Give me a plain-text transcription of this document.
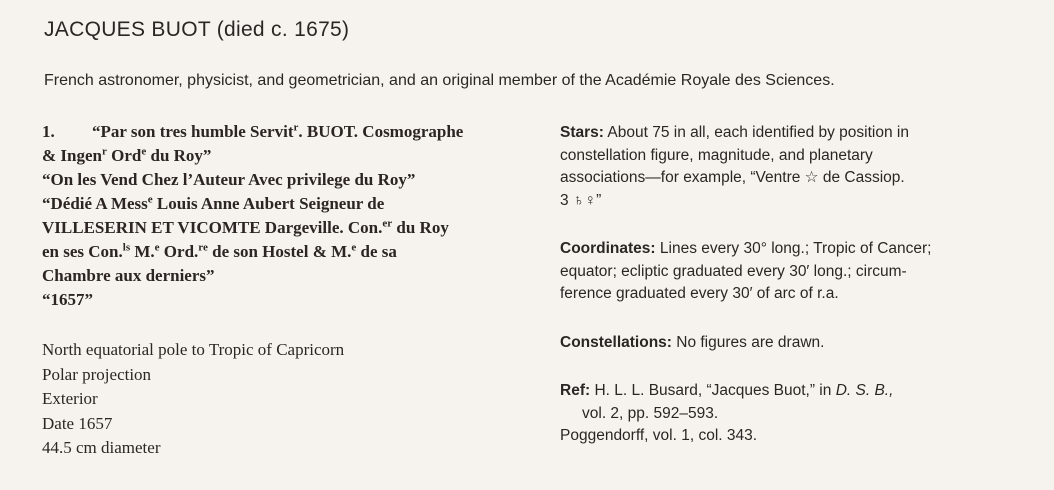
JACQUES BUOT (died c. 1675)
French astronomer, physicist, and geometrician, and an original member of the Académie Royale des Sciences.
1. “Par son tres humble Servit$^r$. BUOT. Cosmographe
& Ingen$^r$ Ord$^e$ du Roy”
“On les Vend Chez l’Auteur Avec privilege du Roy”
“Dédié A Mess$^e$ Louis Anne Aubert Seigneur de
VILLESERIN ET VICOMTE Dargeville. Con.$^{er}$ du Roy
en ses Con.$^{ls}$ M.$^e$ Ord.$^{re}$ de son Hostel & M.$^e$ de sa
Chambre aux derniers”
“1657”
North equatorial pole to Tropic of Capricorn
Polar projection
Exterior
Date 1657
44.5 cm diameter
Stars: About 75 in all, each identified by position in
constellation figure, magnitude, and planetary
associations—for example, “Ventre ☆ de Cassiop.
3 ♄♀”
Coordinates: Lines every 30° long.; Tropic of Cancer;
equator; ecliptic graduated every 30′ long.; circum-
ference graduated every 30′ of arc of r.a.
Constellations: No figures are drawn.
Ref: H. L. L. Busard, “Jacques Buot,” in D. S. B.,
vol. 2, pp. 592–593.
Poggendorff, vol. 1, col. 343.
